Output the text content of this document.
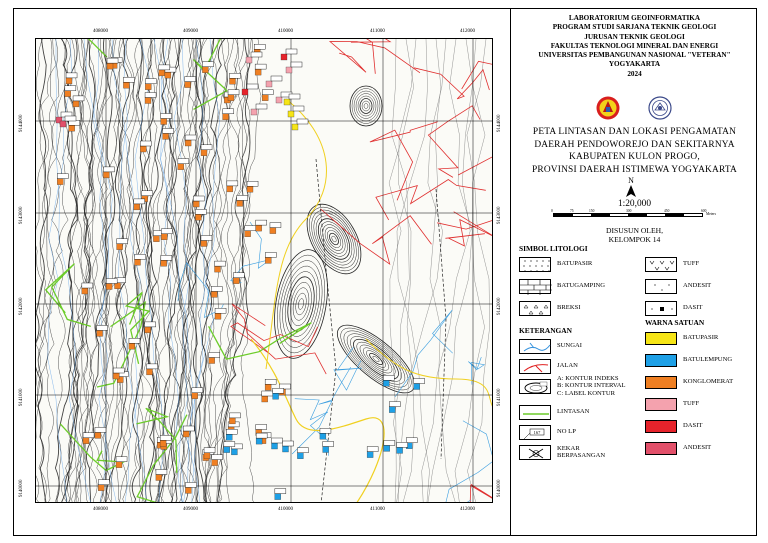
408000	409000	410000	411000	412000
408000	409000	410000	411000	412000
9144000
9143000
9142000
9141000
9140000
9144000
9143000
9142000
9141000
9140000
LABORATORIUM GEOINFORMATIKA
PROGRAM STUDI SARJANA TEKNIK GEOLOGI
JURUSAN TEKNIK GEOLOGI
FAKULTAS TEKNOLOGI MINERAL DAN ENERGI
UNIVERSITAS PEMBANGUNAN NASIONAL "VETERAN"
YOGYAKARTA
2024
PETA LINTASAN DAN LOKASI PENGAMATAN
DAERAH PENDOWOREJO DAN SEKITARNYA
KABUPATEN KULON PROGO,
PROVINSI DAERAH ISTIMEWA YOGYAKARTA
N
1:20,000
0	75	150	300	450	600
Meters
DISUSUN OLEH,
KELOMPOK 14
SIMBOL LITOLOGI
BATUPASIR	TUFF
BATUGAMPING	ANDESIT
BREKSI	DASIT
KETERANGAN
WARNA SATUAN
SUNGAI
JALAN
A: KONTUR INDEKS
B: KONTUR INTERVAL
C: LABEL KONTUR
LINTASAN
167	NO LP
KEKAR
BERPASANGAN
BATUPASIR
BATULEMPUNG
KONGLOMERAT
TUFF
DASIT
ANDESIT
